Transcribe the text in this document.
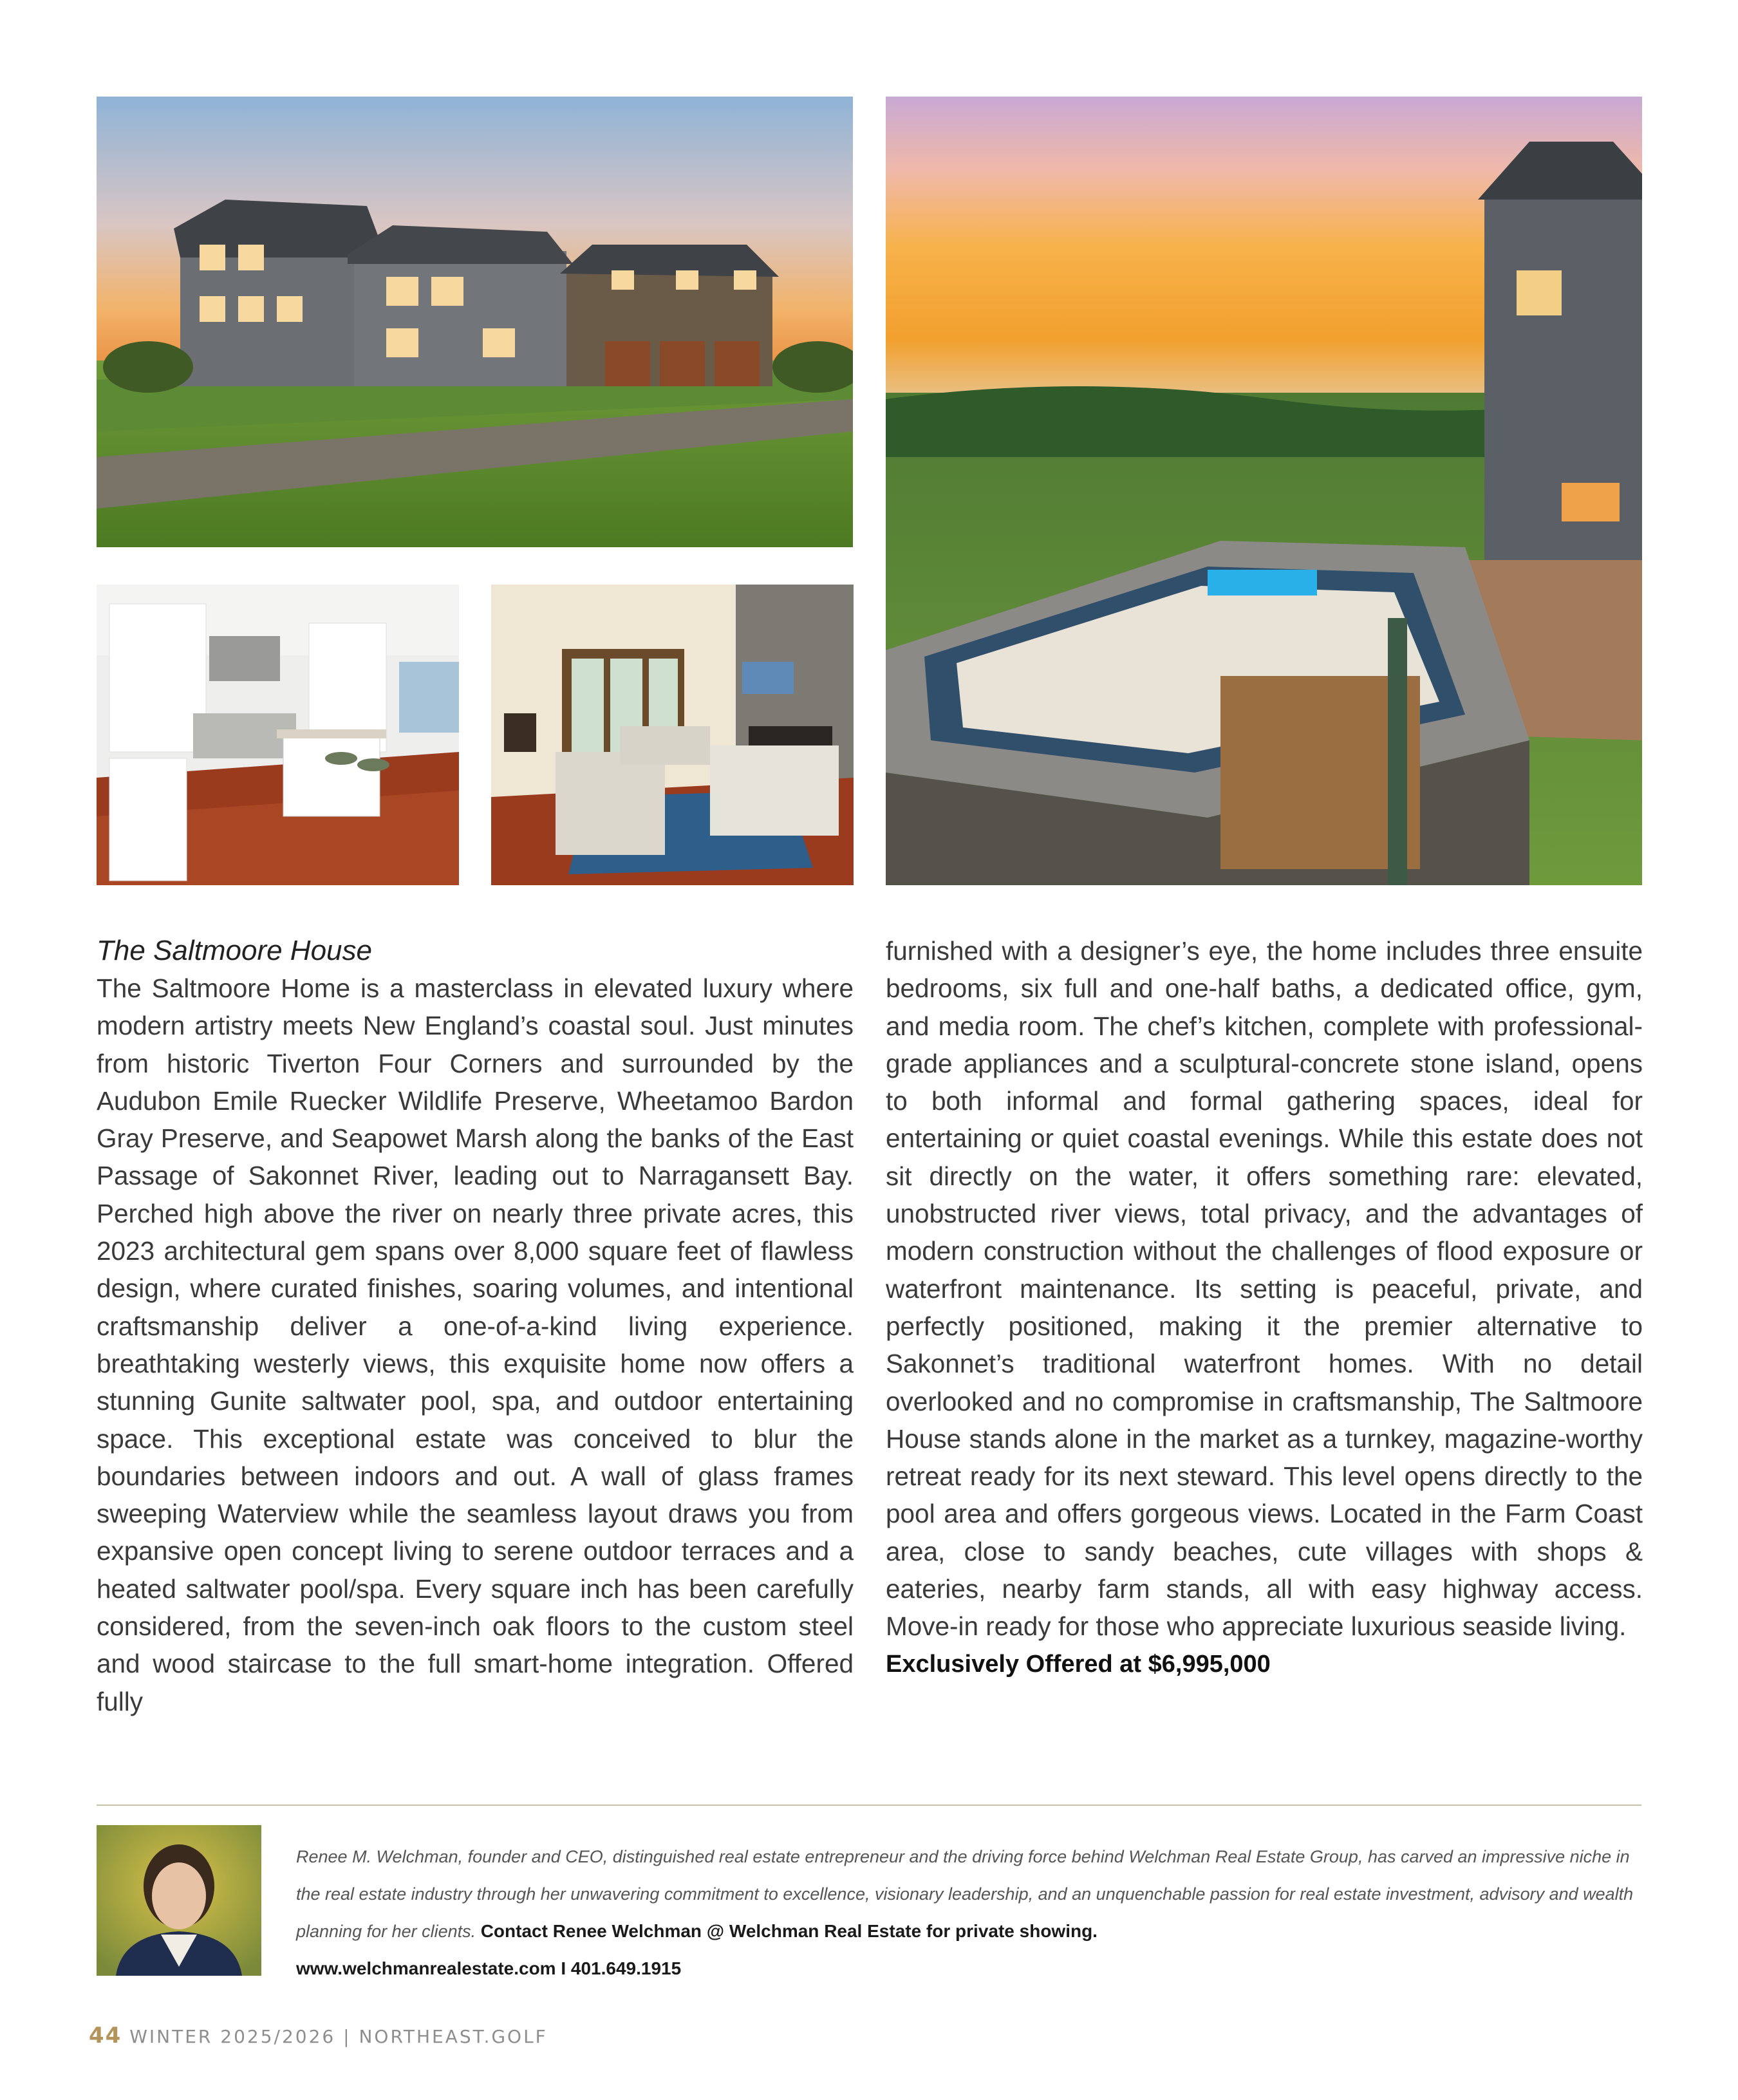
The Saltmoore House

The Saltmoore Home is a masterclass in elevated luxury where modern artistry meets New England’s coastal soul. Just minutes from historic Tiverton Four Corners and surrounded by the Audubon Emile Ruecker Wildlife Preserve, Wheetamoo Bardon Gray Preserve, and Seapowet Marsh along the banks of the East Passage of Sakonnet River, leading out to Narragansett Bay. Perched high above the river on nearly three private acres, this 2023 architectural gem spans over 8,000 square feet of flawless design, where curated finishes, soaring volumes, and intentional craftsmanship deliver a one-of-a-kind living experience. breathtaking westerly views, this exquisite home now offers a stunning Gunite saltwater pool, spa, and outdoor entertaining space. This exceptional estate was conceived to blur the boundaries between indoors and out. A wall of glass frames sweeping Waterview while the seamless layout draws you from expansive open concept living to serene outdoor terraces and a heated saltwater pool/spa. Every square inch has been carefully considered, from the seven-inch oak floors to the custom steel and wood staircase to the full smart-home integration. Offered fully

furnished with a designer’s eye, the home includes three ensuite bedrooms, six full and one-half baths, a dedicated office, gym, and media room. The chef’s kitchen, complete with professional-grade appliances and a sculptural-concrete stone island, opens to both informal and formal gathering spaces, ideal for entertaining or quiet coastal evenings. While this estate does not sit directly on the water, it offers something rare: elevated, unobstructed river views, total privacy, and the advantages of modern construction without the challenges of flood exposure or waterfront maintenance. Its setting is peaceful, private, and perfectly positioned, making it the premier alternative to Sakonnet’s traditional waterfront homes. With no detail overlooked and no compromise in craftsmanship, The Saltmoore House stands alone in the market as a turnkey, magazine-worthy retreat ready for its next steward. This level opens directly to the pool area and offers gorgeous views. Located in the Farm Coast area, close to sandy beaches, cute villages with shops & eateries, nearby farm stands, all with easy highway access. Move-in ready for those who appreciate luxurious seaside living.

Exclusively Offered at $6,995,000
Renee M. Welchman, founder and CEO, distinguished real estate entrepreneur and the driving force behind Welchman Real Estate Group, has carved an impressive niche in the real estate industry through her unwavering commitment to excellence, visionary leadership, and an unquenchable passion for real estate investment, advisory and wealth planning for her clients. Contact Renee Welchman @ Welchman Real Estate for private showing.
www.welchmanrealestate.com I 401.649.1915
44 WINTER 2025/2026 | NORTHEAST.GOLF
